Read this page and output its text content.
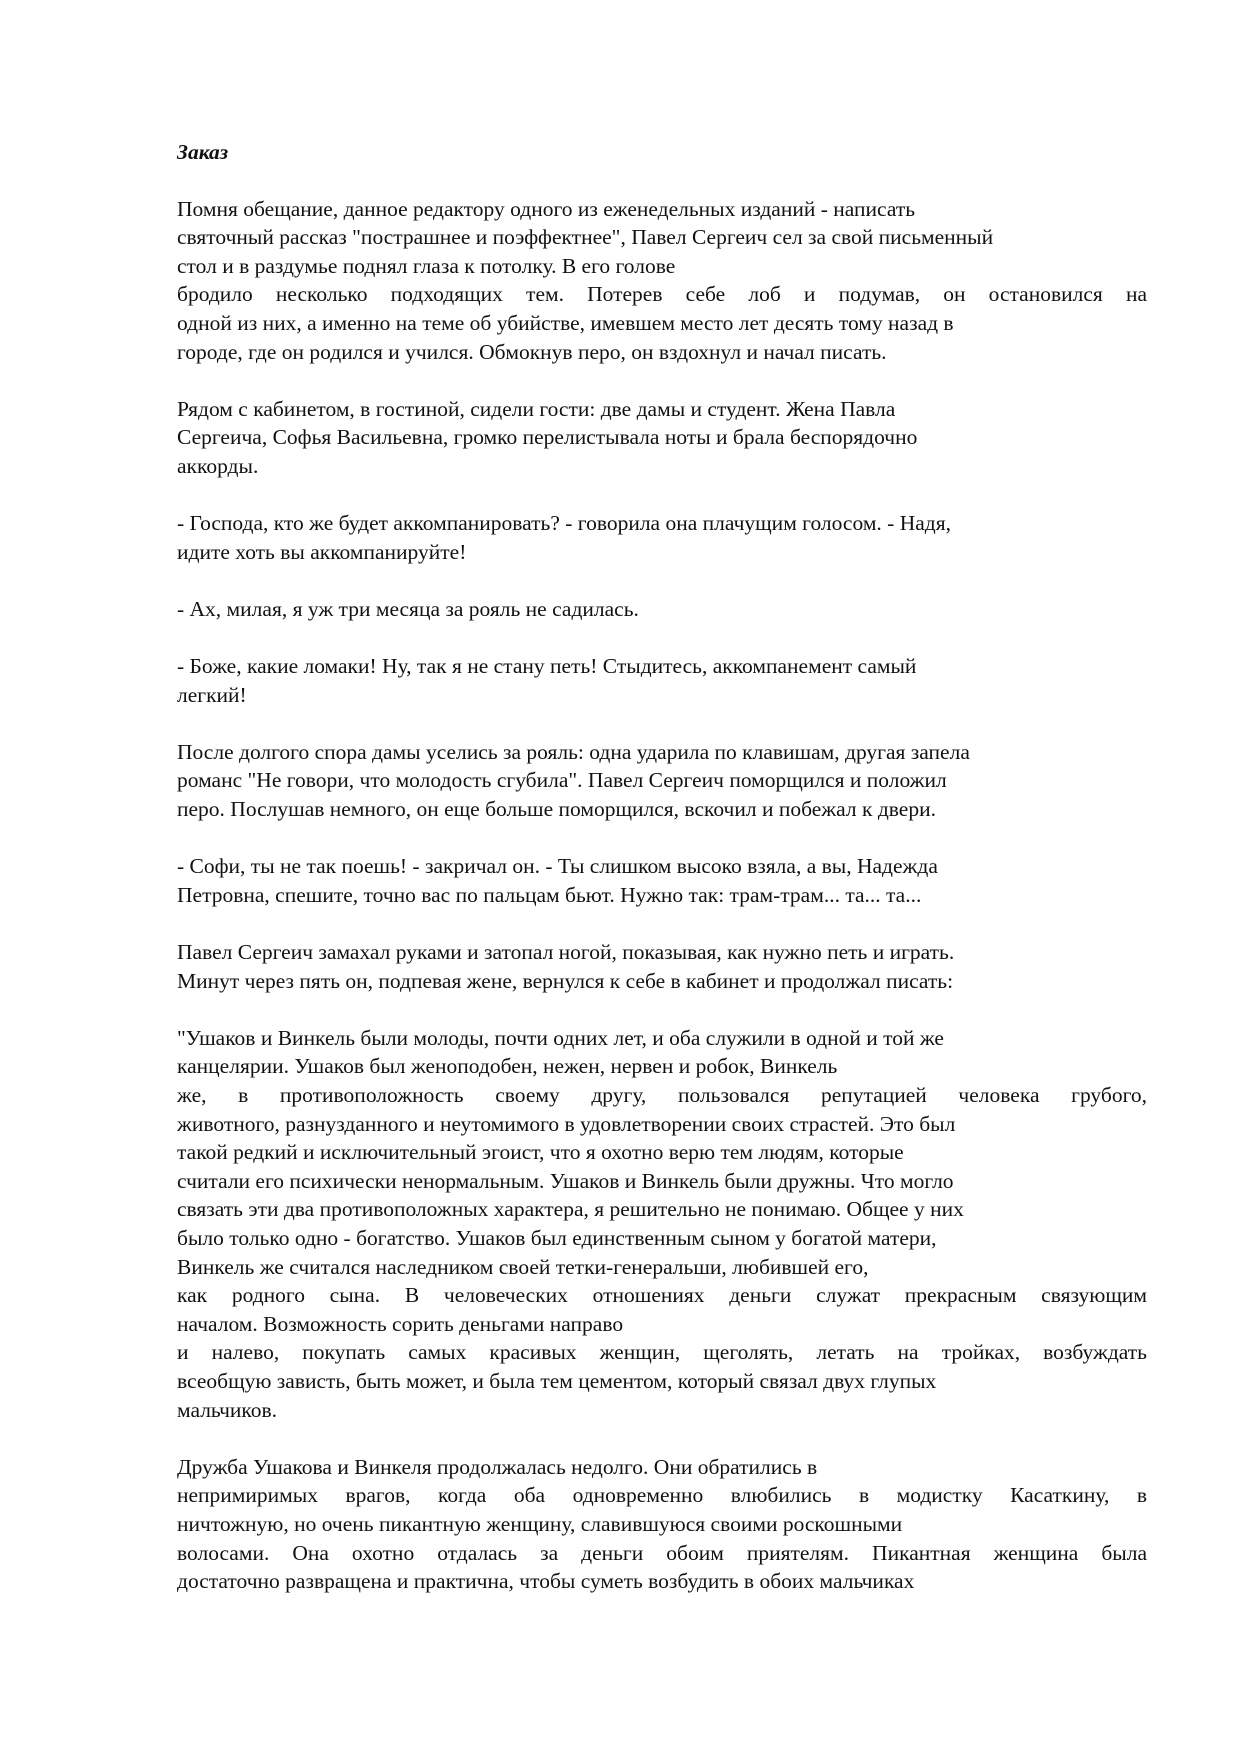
Заказ
Помня обещание, данное редактору одного из еженедельных изданий - написать
святочный рассказ "пострашнее и поэффектнее", Павел Сергеич сел за свой письменный
стол и в раздумье поднял глаза к потолку. В его голове
бродило несколько подходящих тем. Потерев себе лоб и подумав, он остановился на
одной из них, а именно на теме об убийстве, имевшем место лет десять тому назад в
городе, где он родился и учился. Обмокнув перо, он вздохнул и начал писать.
Рядом с кабинетом, в гостиной, сидели гости: две дамы и студент. Жена Павла
Сергеича, Софья Васильевна, громко перелистывала ноты и брала беспорядочно
аккорды.
- Господа, кто же будет аккомпанировать? - говорила она плачущим голосом. - Надя,
идите хоть вы аккомпанируйте!
- Ах, милая, я уж три месяца за рояль не садилась.
- Боже, какие ломаки! Ну, так я не стану петь! Стыдитесь, аккомпанемент самый
легкий!
После долгого спора дамы уселись за рояль: одна ударила по клавишам, другая запела
романс "Не говори, что молодость сгубила". Павел Сергеич поморщился и положил
перо. Послушав немного, он еще больше поморщился, вскочил и побежал к двери.
- Софи, ты не так поешь! - закричал он. - Ты слишком высоко взяла, а вы, Надежда
Петровна, спешите, точно вас по пальцам бьют. Нужно так: трам-трам... та... та...
Павел Сергеич замахал руками и затопал ногой, показывая, как нужно петь и играть.
Минут через пять он, подпевая жене, вернулся к себе в кабинет и продолжал писать:
"Ушаков и Винкель были молоды, почти одних лет, и оба служили в одной и той же
канцелярии. Ушаков был женоподобен, нежен, нервен и робок, Винкель
же, в противоположность своему другу, пользовался репутацией человека грубого,
животного, разнузданного и неутомимого в удовлетворении своих страстей. Это был
такой редкий и исключительный эгоист, что я охотно верю тем людям, которые
считали его психически ненормальным. Ушаков и Винкель были дружны. Что могло
связать эти два противоположных характера, я решительно не понимаю. Общее у них
было только одно - богатство. Ушаков был единственным сыном у богатой матери,
Винкель же считался наследником своей тетки-генеральши, любившей его,
как родного сына. В человеческих отношениях деньги служат прекрасным связующим
началом. Возможность сорить деньгами направо
и налево, покупать самых красивых женщин, щеголять, летать на тройках, возбуждать
всеобщую зависть, быть может, и была тем цементом, который связал двух глупых
мальчиков.
Дружба Ушакова и Винкеля продолжалась недолго. Они обратились в
непримиримых врагов, когда оба одновременно влюбились в модистку Касаткину, в
ничтожную, но очень пикантную женщину, славившуюся своими роскошными
волосами. Она охотно отдалась за деньги обоим приятелям. Пикантная женщина была
достаточно развращена и практична, чтобы суметь возбудить в обоих мальчиках
